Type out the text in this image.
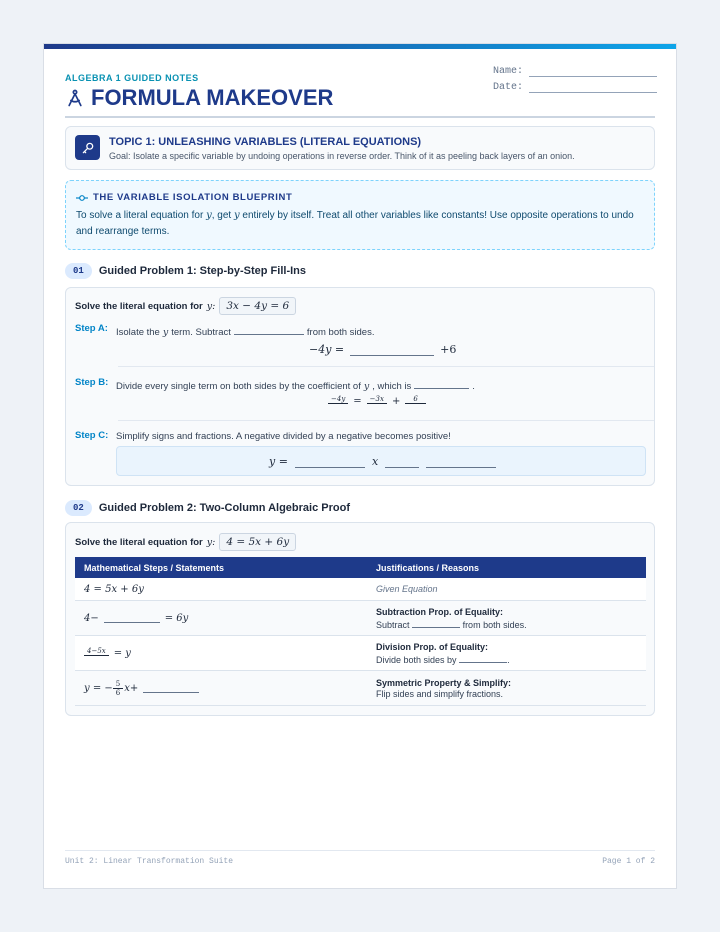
ALGEBRA 1 GUIDED NOTES
FORMULA MAKEOVER
Name:
Date:
TOPIC 1: UNLEASHING VARIABLES (LITERAL EQUATIONS)
Goal: Isolate a specific variable by undoing operations in reverse order. Think of it as peeling back layers of an onion.
THE VARIABLE ISOLATION BLUEPRINT
To solve a literal equation for y, get y entirely by itself. Treat all other variables like constants! Use opposite operations to undo and rearrange terms.
01	Guided Problem 1: Step-by-Step Fill-Ins
Solve the literal equation for y:	3x − 4y = 6
Step A: Isolate the y term. Subtract	from both sides.
−4y =	+6
Step B: Divide every single term on both sides by the coefficient of y , which is	.
−4y =	−3x +	6
Step C: Simplify signs and fractions. A negative divided by a negative becomes positive!
y =	x
02	Guided Problem 2: Two-Column Algebraic Proof
Solve the literal equation for y:	4 = 5x + 6y
Mathematical Steps / Statements	Justifications / Reasons

4 = 5x + 6y	Given Equation

4− = 6y	Subtraction Prop. of Equality:
Subtract from both sides.

4−5x = y	Division Prop. of Equality:
Divide both sides by .

y = − $\frac{5}{6} x+$	Symmetric Property & Simplify:
Flip sides and simplify fractions.
Unit 2: Linear Transformation Suite	Page 1 of 2
